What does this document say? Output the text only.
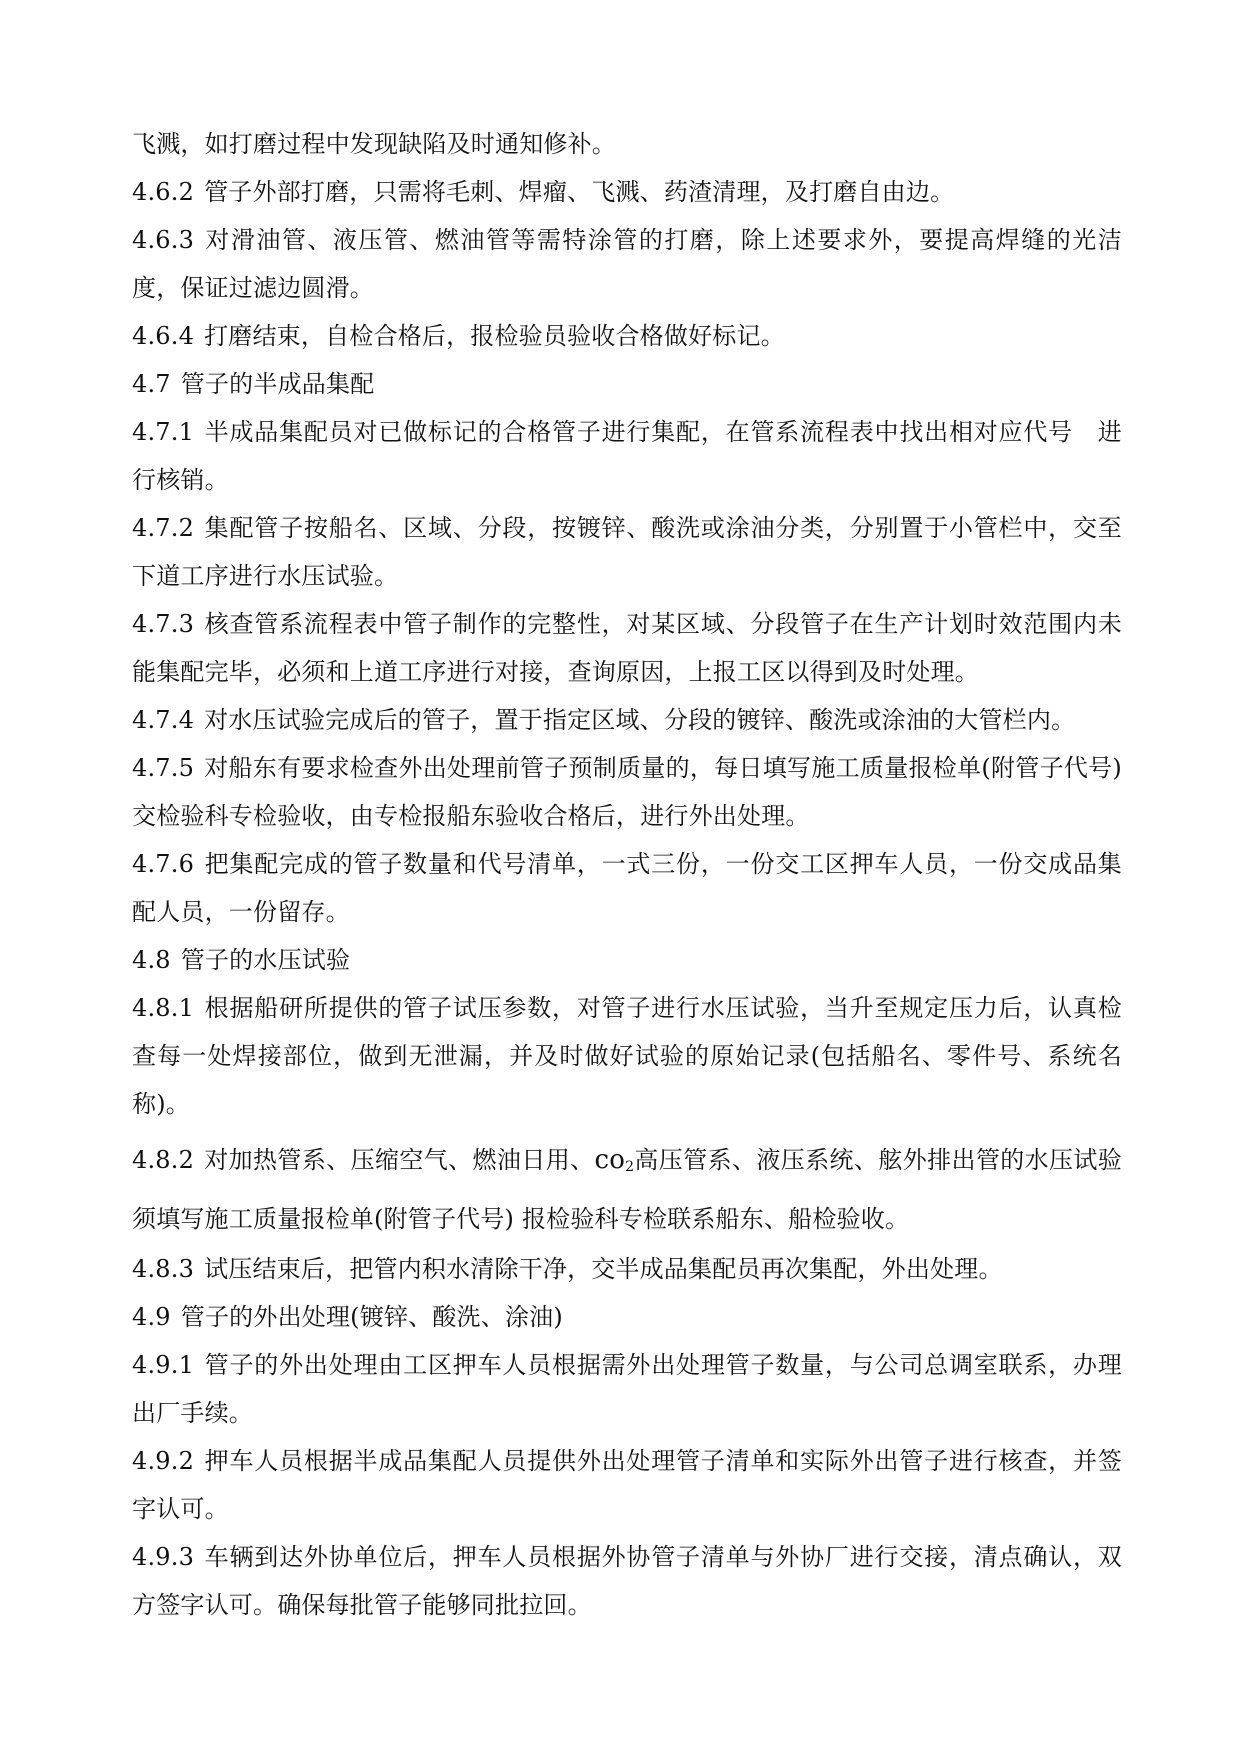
飞溅，如打磨过程中发现缺陷及时通知修补。

4.6.2 管子外部打磨，只需将毛刺、焊瘤、飞溅、药渣清理，及打磨自由边。

4.6.3 对滑油管、液压管、燃油管等需特涂管的打磨，除上述要求外，要提高焊缝的光洁度，保证过滤边圆滑。

4.6.4 打磨结束，自检合格后，报检验员验收合格做好标记。

4.7 管子的半成品集配

4.7.1 半成品集配员对已做标记的合格管子进行集配，在管系流程表中找出相对应代号　进行核销。

4.7.2 集配管子按船名、区域、分段，按镀锌、酸洗或涂油分类，分别置于小管栏中，交至下道工序进行水压试验。

4.7.3 核查管系流程表中管子制作的完整性，对某区域、分段管子在生产计划时效范围内未能集配完毕，必须和上道工序进行对接，查询原因，上报工区以得到及时处理。

4.7.4 对水压试验完成后的管子，置于指定区域、分段的镀锌、酸洗或涂油的大管栏内。

4.7.5 对船东有要求检查外出处理前管子预制质量的，每日填写施工质量报检单(附管子代号)交检验科专检验收，由专检报船东验收合格后，进行外出处理。

4.7.6 把集配完成的管子数量和代号清单，一式三份，一份交工区押车人员，一份交成品集配人员，一份留存。

4.8 管子的水压试验

4.8.1 根据船研所提供的管子试压参数，对管子进行水压试验，当升至规定压力后，认真检查每一处焊接部位，做到无泄漏，并及时做好试验的原始记录(包括船名、零件号、系统名称)。

4.8.2 对加热管系、压缩空气、燃油日用、$co_2$高压管系、液压系统、舷外排出管的水压试验须填写施工质量报检单(附管子代号) 报检验科专检联系船东、船检验收。

4.8.3 试压结束后，把管内积水清除干净，交半成品集配员再次集配，外出处理。

4.9 管子的外出处理(镀锌、酸洗、涂油)

4.9.1 管子的外出处理由工区押车人员根据需外出处理管子数量，与公司总调室联系，办理出厂手续。

4.9.2 押车人员根据半成品集配人员提供外出处理管子清单和实际外出管子进行核查，并签字认可。

4.9.3 车辆到达外协单位后，押车人员根据外协管子清单与外协厂进行交接，清点确认，双方签字认可。确保每批管子能够同批拉回。
